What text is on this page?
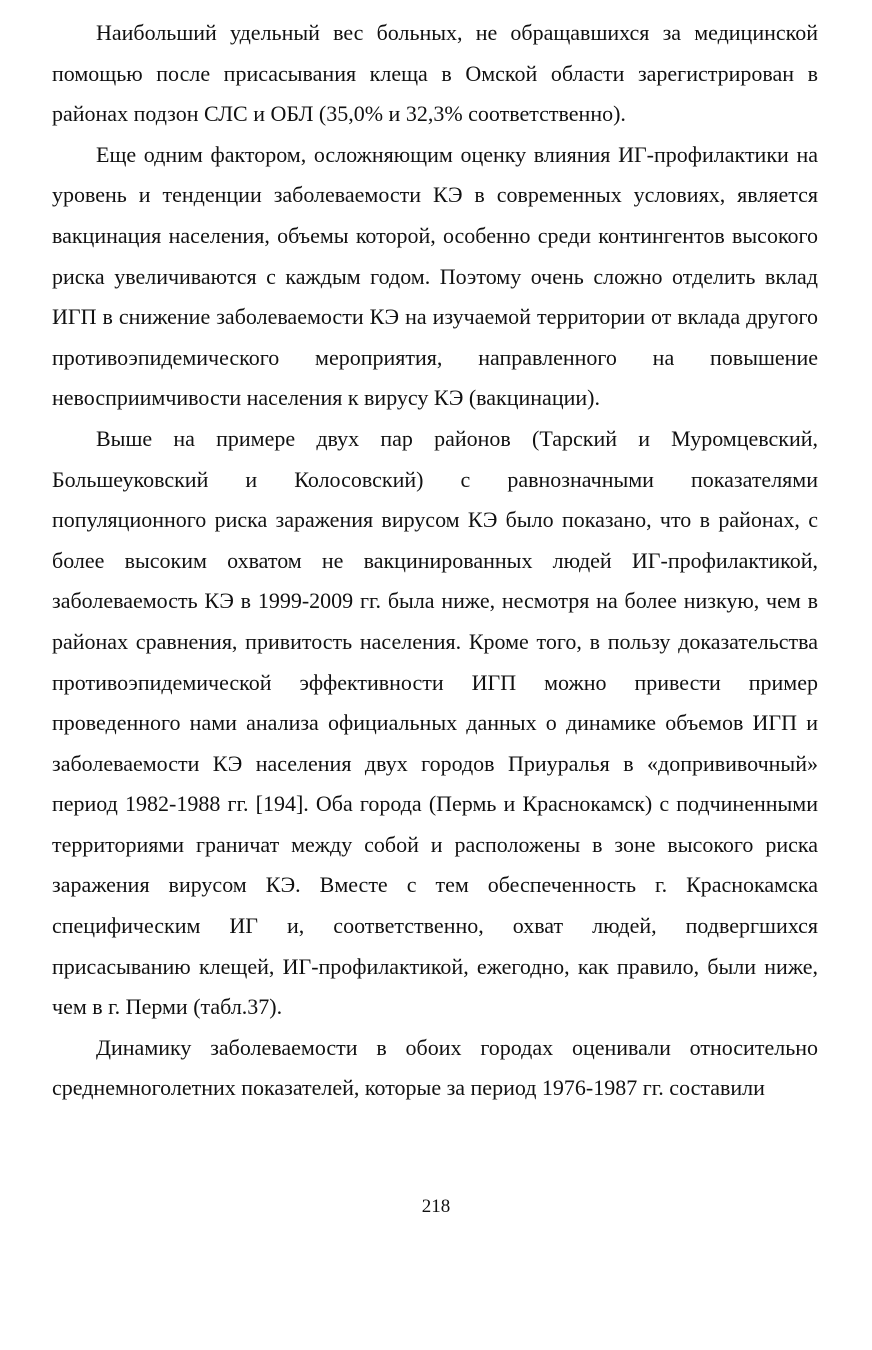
Наибольший удельный вес больных, не обращавшихся за медицинской помощью после присасывания клеща в Омской области зарегистрирован в районах подзон СЛС и ОБЛ (35,0% и 32,3% соответственно).

Еще одним фактором, осложняющим оценку влияния ИГ-профилактики на уровень и тенденции заболеваемости КЭ в современных условиях, является вакцинация населения, объемы которой, особенно среди контингентов высокого риска увеличиваются с каждым годом. Поэтому очень сложно отделить вклад ИГП в снижение заболеваемости КЭ на изучаемой территории от вклада другого противоэпидемического мероприятия, направленного на повышение невосприимчивости населения к вирусу КЭ (вакцинации).

Выше на примере двух пар районов (Тарский и Муромцевский, Большеуковский и Колосовский) с равнозначными показателями популяционного риска заражения вирусом КЭ было показано, что в районах, с более высоким охватом не вакцинированных людей ИГ-профилактикой, заболеваемость КЭ в 1999-2009 гг. была ниже, несмотря на более низкую, чем в районах сравнения, привитость населения. Кроме того, в пользу доказательства противоэпидемической эффективности ИГП можно привести пример проведенного нами анализа официальных данных о динамике объемов ИГП и заболеваемости КЭ населения двух городов Приуралья в «допрививочный» период 1982-1988 гг. [194]. Оба города (Пермь и Краснокамск) с подчиненными территориями граничат между собой и расположены в зоне высокого риска заражения вирусом КЭ. Вместе с тем обеспеченность г. Краснокамска специфическим ИГ и, соответственно, охват людей, подвергшихся присасыванию клещей, ИГ-профилактикой, ежегодно, как правило, были ниже, чем в г. Перми (табл.37).

Динамику заболеваемости в обоих городах оценивали относительно среднемноголетних показателей, которые за период 1976-1987 гг. составили

218
